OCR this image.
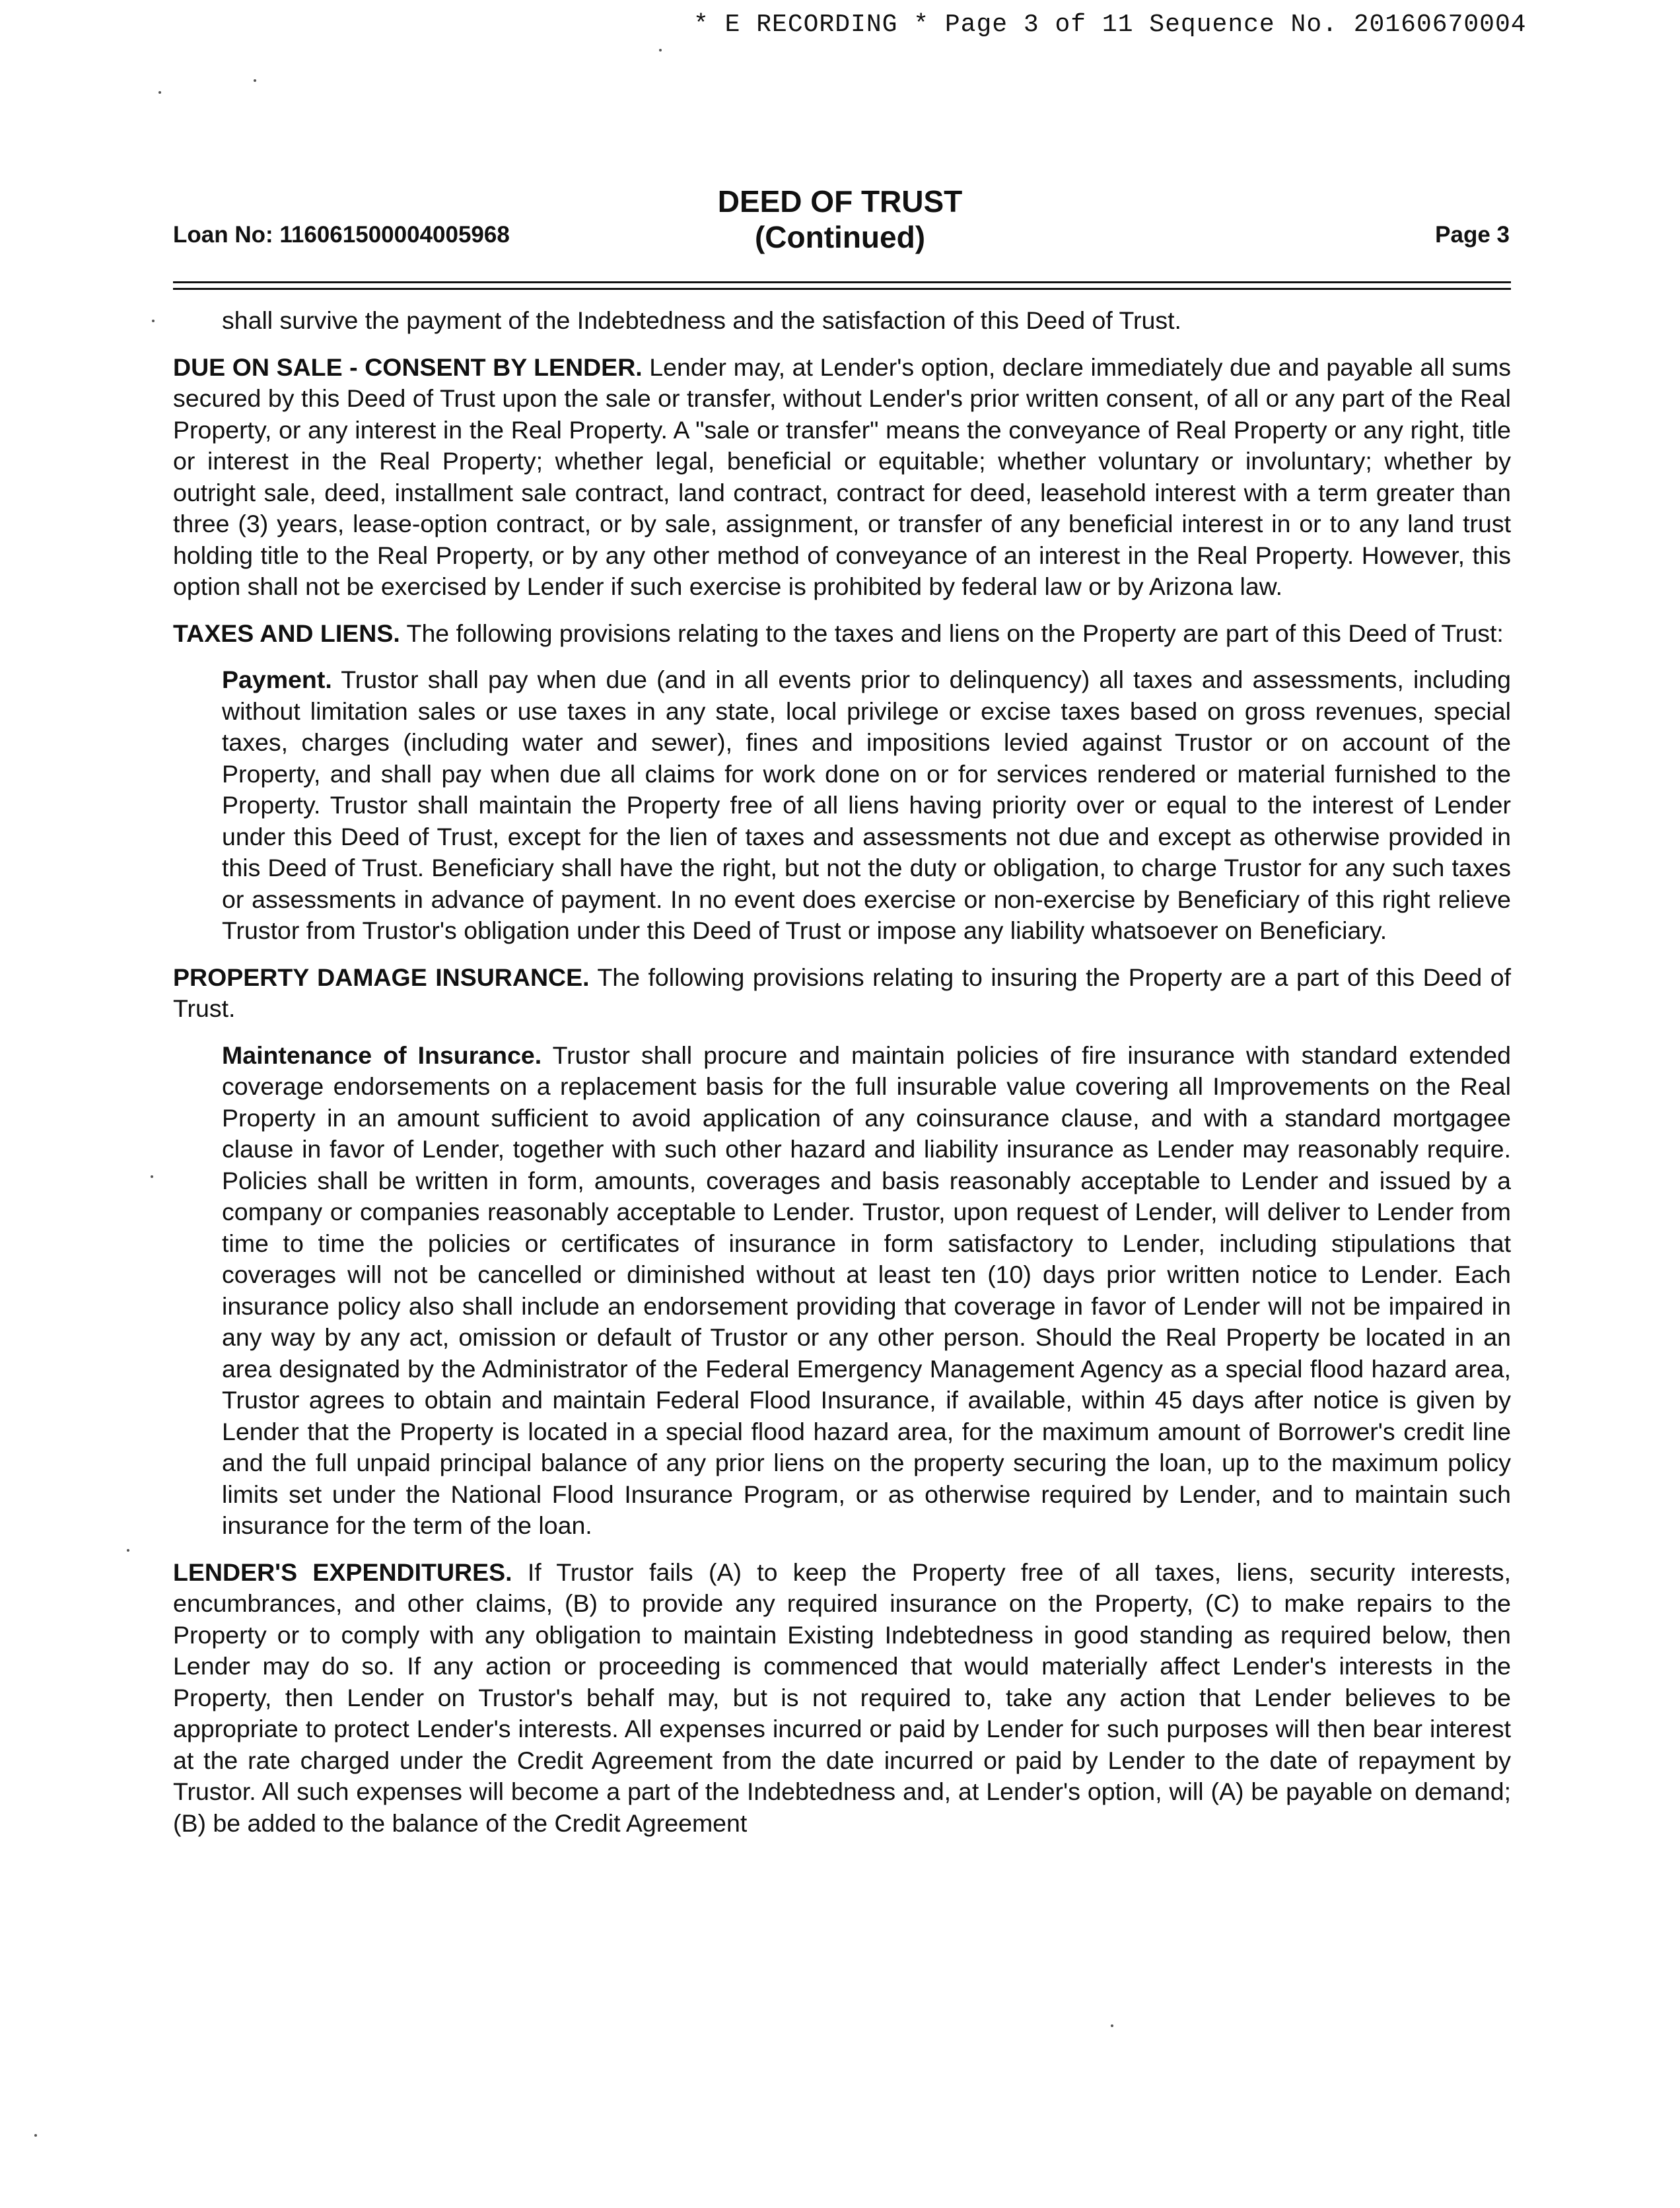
* E RECORDING * Page 3 of 11 Sequence No. 20160670004
DEED OF TRUST
(Continued)
Loan No: 116061500004005968	Page 3

shall survive the payment of the Indebtedness and the satisfaction of this Deed of Trust.

DUE ON SALE - CONSENT BY LENDER. Lender may, at Lender's option, declare immediately due and payable all sums secured by this Deed of Trust upon the sale or transfer, without Lender's prior written consent, of all or any part of the Real Property, or any interest in the Real Property. A "sale or transfer" means the conveyance of Real Property or any right, title or interest in the Real Property; whether legal, beneficial or equitable; whether voluntary or involuntary; whether by outright sale, deed, installment sale contract, land contract, contract for deed, leasehold interest with a term greater than three (3) years, lease-option contract, or by sale, assignment, or transfer of any beneficial interest in or to any land trust holding title to the Real Property, or by any other method of conveyance of an interest in the Real Property. However, this option shall not be exercised by Lender if such exercise is prohibited by federal law or by Arizona law.

TAXES AND LIENS. The following provisions relating to the taxes and liens on the Property are part of this Deed of Trust:

Payment. Trustor shall pay when due (and in all events prior to delinquency) all taxes and assessments, including without limitation sales or use taxes in any state, local privilege or excise taxes based on gross revenues, special taxes, charges (including water and sewer), fines and impositions levied against Trustor or on account of the Property, and shall pay when due all claims for work done on or for services rendered or material furnished to the Property. Trustor shall maintain the Property free of all liens having priority over or equal to the interest of Lender under this Deed of Trust, except for the lien of taxes and assessments not due and except as otherwise provided in this Deed of Trust. Beneficiary shall have the right, but not the duty or obligation, to charge Trustor for any such taxes or assessments in advance of payment. In no event does exercise or non-exercise by Beneficiary of this right relieve Trustor from Trustor's obligation under this Deed of Trust or impose any liability whatsoever on Beneficiary.

PROPERTY DAMAGE INSURANCE. The following provisions relating to insuring the Property are a part of this Deed of Trust.

Maintenance of Insurance. Trustor shall procure and maintain policies of fire insurance with standard extended coverage endorsements on a replacement basis for the full insurable value covering all Improvements on the Real Property in an amount sufficient to avoid application of any coinsurance clause, and with a standard mortgagee clause in favor of Lender, together with such other hazard and liability insurance as Lender may reasonably require. Policies shall be written in form, amounts, coverages and basis reasonably acceptable to Lender and issued by a company or companies reasonably acceptable to Lender. Trustor, upon request of Lender, will deliver to Lender from time to time the policies or certificates of insurance in form satisfactory to Lender, including stipulations that coverages will not be cancelled or diminished without at least ten (10) days prior written notice to Lender. Each insurance policy also shall include an endorsement providing that coverage in favor of Lender will not be impaired in any way by any act, omission or default of Trustor or any other person. Should the Real Property be located in an area designated by the Administrator of the Federal Emergency Management Agency as a special flood hazard area, Trustor agrees to obtain and maintain Federal Flood Insurance, if available, within 45 days after notice is given by Lender that the Property is located in a special flood hazard area, for the maximum amount of Borrower's credit line and the full unpaid principal balance of any prior liens on the property securing the loan, up to the maximum policy limits set under the National Flood Insurance Program, or as otherwise required by Lender, and to maintain such insurance for the term of the loan.

LENDER'S EXPENDITURES. If Trustor fails (A) to keep the Property free of all taxes, liens, security interests, encumbrances, and other claims, (B) to provide any required insurance on the Property, (C) to make repairs to the Property or to comply with any obligation to maintain Existing Indebtedness in good standing as required below, then Lender may do so. If any action or proceeding is commenced that would materially affect Lender's interests in the Property, then Lender on Trustor's behalf may, but is not required to, take any action that Lender believes to be appropriate to protect Lender's interests. All expenses incurred or paid by Lender for such purposes will then bear interest at the rate charged under the Credit Agreement from the date incurred or paid by Lender to the date of repayment by Trustor. All such expenses will become a part of the Indebtedness and, at Lender's option, will (A) be payable on demand; (B) be added to the balance of the Credit Agreement
